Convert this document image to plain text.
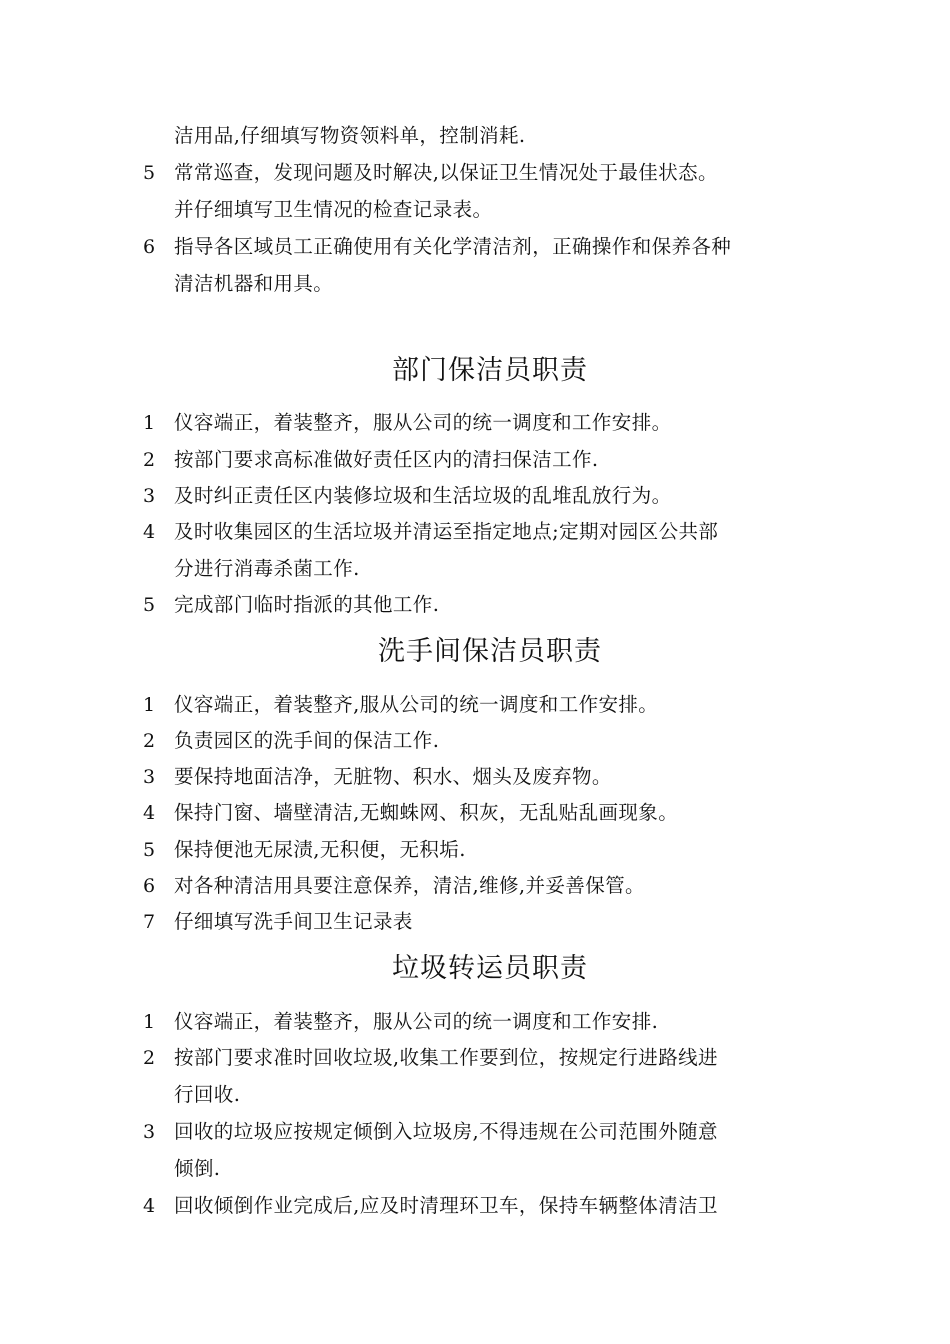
洁用品,仔细填写物资领料单，控制消耗.
5 常常巡查，发现问题及时解决,以保证卫生情况处于最佳状态。
并仔细填写卫生情况的检查记录表。
6 指导各区域员工正确使用有关化学清洁剂，正确操作和保养各种
清洁机器和用具。
部门保洁员职责
1 仪容端正，着装整齐，服从公司的统一调度和工作安排。
2 按部门要求高标准做好责任区内的清扫保洁工作.
3 及时纠正责任区内装修垃圾和生活垃圾的乱堆乱放行为。
4 及时收集园区的生活垃圾并清运至指定地点;定期对园区公共部
分进行消毒杀菌工作.
5 完成部门临时指派的其他工作.
洗手间保洁员职责
1 仪容端正，着装整齐,服从公司的统一调度和工作安排。
2 负责园区的洗手间的保洁工作.
3 要保持地面洁净，无脏物、积水、烟头及废弃物。
4 保持门窗、墙壁清洁,无蜘蛛网、积灰，无乱贴乱画现象。
5 保持便池无尿渍,无积便，无积垢.
6 对各种清洁用具要注意保养，清洁,维修,并妥善保管。
7 仔细填写洗手间卫生记录表
垃圾转运员职责
1 仪容端正，着装整齐，服从公司的统一调度和工作安排.
2 按部门要求准时回收垃圾,收集工作要到位，按规定行进路线进
行回收.
3 回收的垃圾应按规定倾倒入垃圾房,不得违规在公司范围外随意
倾倒.
4 回收倾倒作业完成后,应及时清理环卫车，保持车辆整体清洁卫
